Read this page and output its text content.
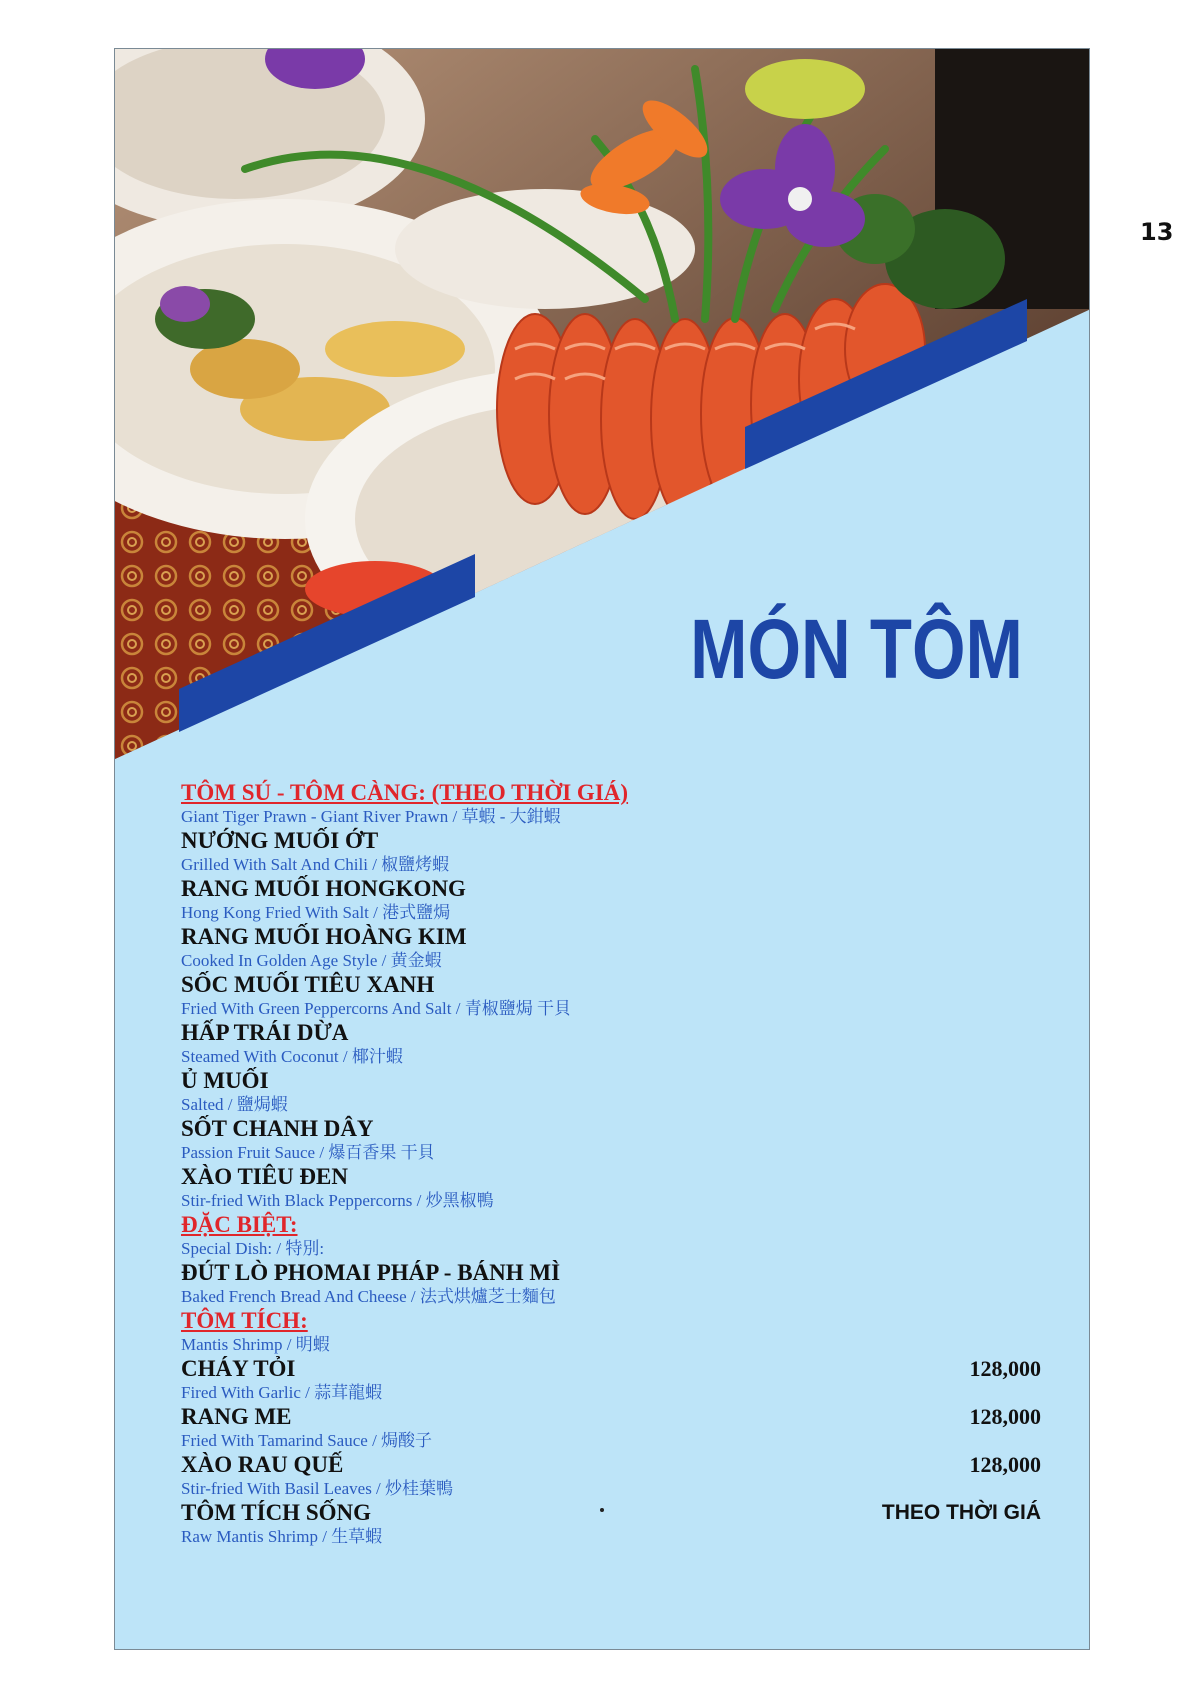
13
MÓN TÔM
TÔM SÚ - TÔM CÀNG: (THEO THỜI GIÁ)
Giant Tiger Prawn - Giant River Prawn / 草蝦 - 大鉗蝦
NƯỚNG MUỐI ỚT
Grilled With Salt And Chili / 椒鹽烤蝦
RANG MUỐI HONGKONG
Hong Kong Fried With Salt / 港式鹽焗
RANG MUỐI HOÀNG KIM
Cooked In Golden Age Style / 黄金蝦
SỐC MUỐI TIÊU XANH
Fried With Green Peppercorns And Salt / 青椒鹽焗 干貝
HẤP TRÁI DỪA
Steamed With Coconut / 椰汁蝦
Ủ MUỐI
Salted / 鹽焗蝦
SỐT CHANH DÂY
Passion Fruit Sauce / 爆百香果 干貝
XÀO TIÊU ĐEN
Stir-fried With Black Peppercorns / 炒黑椒鴨
ĐẶC BIỆT:
Special Dish: / 特別:
ĐÚT LÒ PHOMAI PHÁP - BÁNH MÌ
Baked French Bread And Cheese / 法式烘爐芝士麵包
TÔM TÍCH:
Mantis Shrimp / 明蝦
CHÁY TỎI	128,000
Fired With Garlic / 蒜茸龍蝦
RANG ME	128,000
Fried With Tamarind Sauce / 焗酸子
XÀO RAU QUẾ	128,000
Stir-fried With Basil Leaves / 炒桂葉鴨
TÔM TÍCH SỐNG	THEO THỜI GIÁ
Raw Mantis Shrimp / 生草蝦
